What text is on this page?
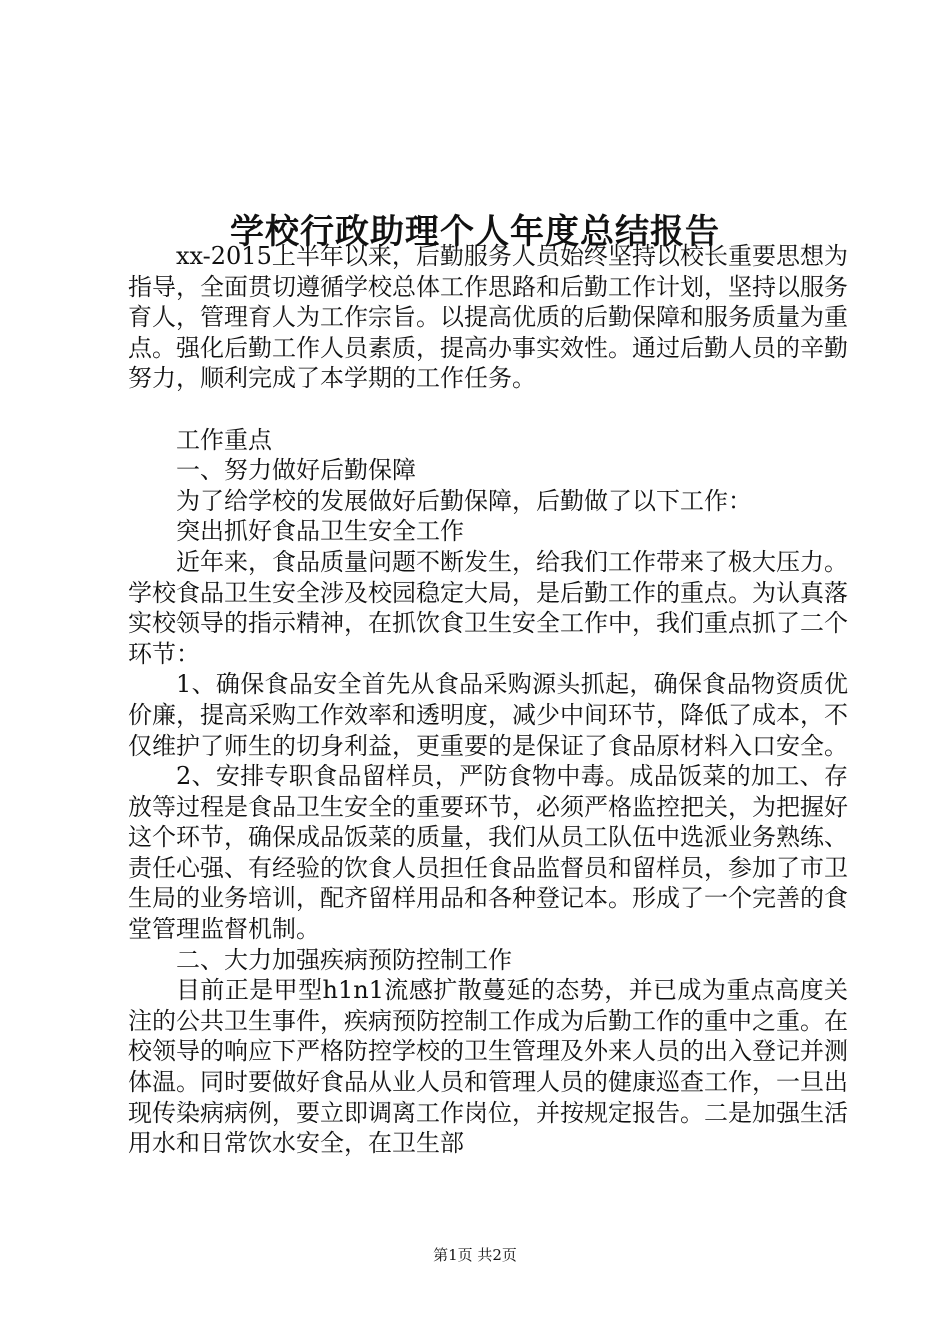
学校行政助理个人年度总结报告

xx-2015上半年以来，后勤服务人员始终坚持以校长重要思想为指导，全面贯切遵循学校总体工作思路和后勤工作计划，坚持以服务育人，管理育人为工作宗旨。以提高优质的后勤保障和服务质量为重点。强化后勤工作人员素质，提高办事实效性。通过后勤人员的辛勤努力，顺利完成了本学期的工作任务。

工作重点

一、努力做好后勤保障

为了给学校的发展做好后勤保障，后勤做了以下工作：

突出抓好食品卫生安全工作

近年来，食品质量问题不断发生，给我们工作带来了极大压力。学校食品卫生安全涉及校园稳定大局，是后勤工作的重点。为认真落实校领导的指示精神，在抓饮食卫生安全工作中，我们重点抓了二个环节：

1、确保食品安全首先从食品采购源头抓起，确保食品物资质优价廉，提高采购工作效率和透明度，减少中间环节，降低了成本，不仅维护了师生的切身利益，更重要的是保证了食品原材料入口安全。

2、安排专职食品留样员，严防食物中毒。成品饭菜的加工、存放等过程是食品卫生安全的重要环节，必须严格监控把关，为把握好这个环节，确保成品饭菜的质量，我们从员工队伍中选派业务熟练、责任心强、有经验的饮食人员担任食品监督员和留样员，参加了市卫生局的业务培训，配齐留样用品和各种登记本。形成了一个完善的食堂管理监督机制。

二、大力加强疾病预防控制工作

目前正是甲型h1n1流感扩散蔓延的态势，并已成为重点高度关注的公共卫生事件，疾病预防控制工作成为后勤工作的重中之重。在校领导的响应下严格防控学校的卫生管理及外来人员的出入登记并测体温。同时要做好食品从业人员和管理人员的健康巡查工作，一旦出现传染病病例，要立即调离工作岗位，并按规定报告。二是加强生活用水和日常饮水安全，在卫生部

第1页 共2页
